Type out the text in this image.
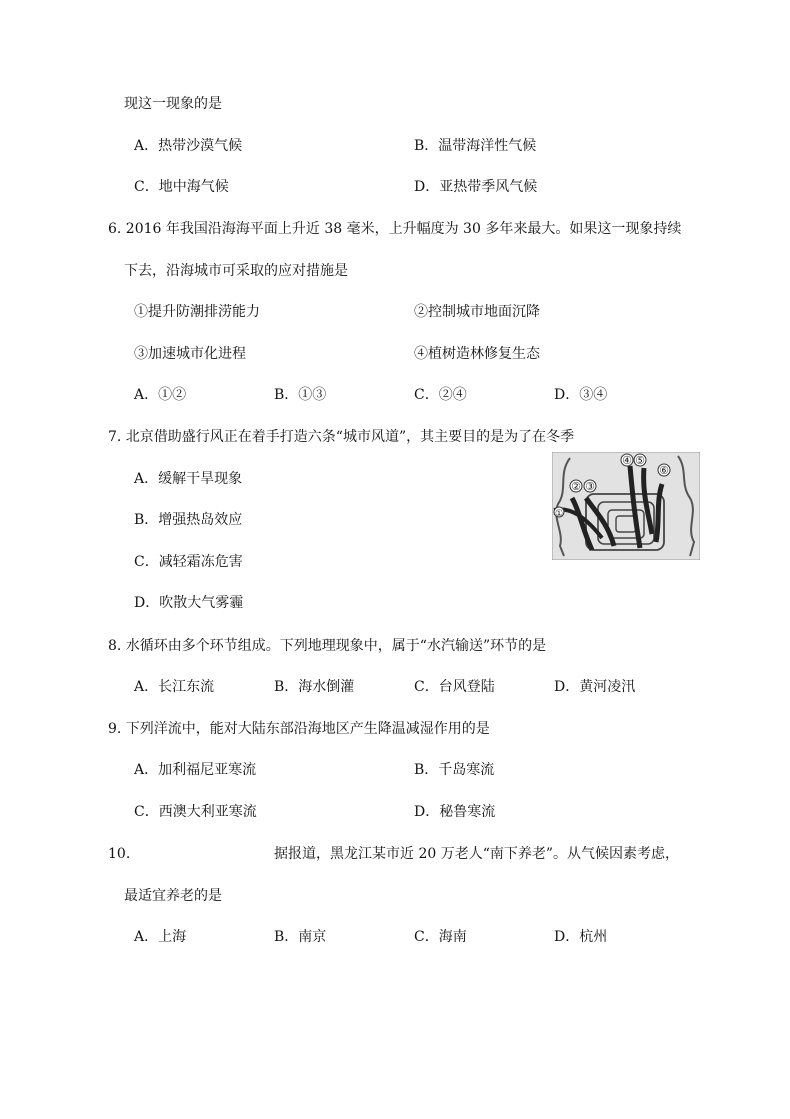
现这一现象的是
A．热带沙漠气候	B．温带海洋性气候
C．地中海气候	D．亚热带季风气候
6. 2016 年我国沿海海平面上升近 38 毫米，上升幅度为 30 多年来最大。如果这一现象持续
下去，沿海城市可采取的应对措施是
①提升防潮排涝能力	②控制城市地面沉降
③加速城市化进程	④植树造林修复生态
A．①②	B．①③	C．②④	D．③④
7. 北京借助盛行风正在着手打造六条“城市风道”，其主要目的是为了在冬季
A．缓解干旱现象
B．增强热岛效应
C．减轻霜冻危害
D．吹散大气雾霾
①
② ③
④ ⑤
⑥
8. 水循环由多个环节组成。下列地理现象中，属于“水汽输送”环节的是
A．长江东流	B．海水倒灌	C．台风登陆	D．黄河凌汛
9. 下列洋流中，能对大陆东部沿海地区产生降温减湿作用的是
A．加利福尼亚寒流	B．千岛寒流
C．西澳大利亚寒流	D．秘鲁寒流
10.	据报道，黑龙江某市近 20 万老人“南下养老”。从气候因素考虑，
最适宜养老的是
A．上海	B．南京	C．海南	D．杭州
